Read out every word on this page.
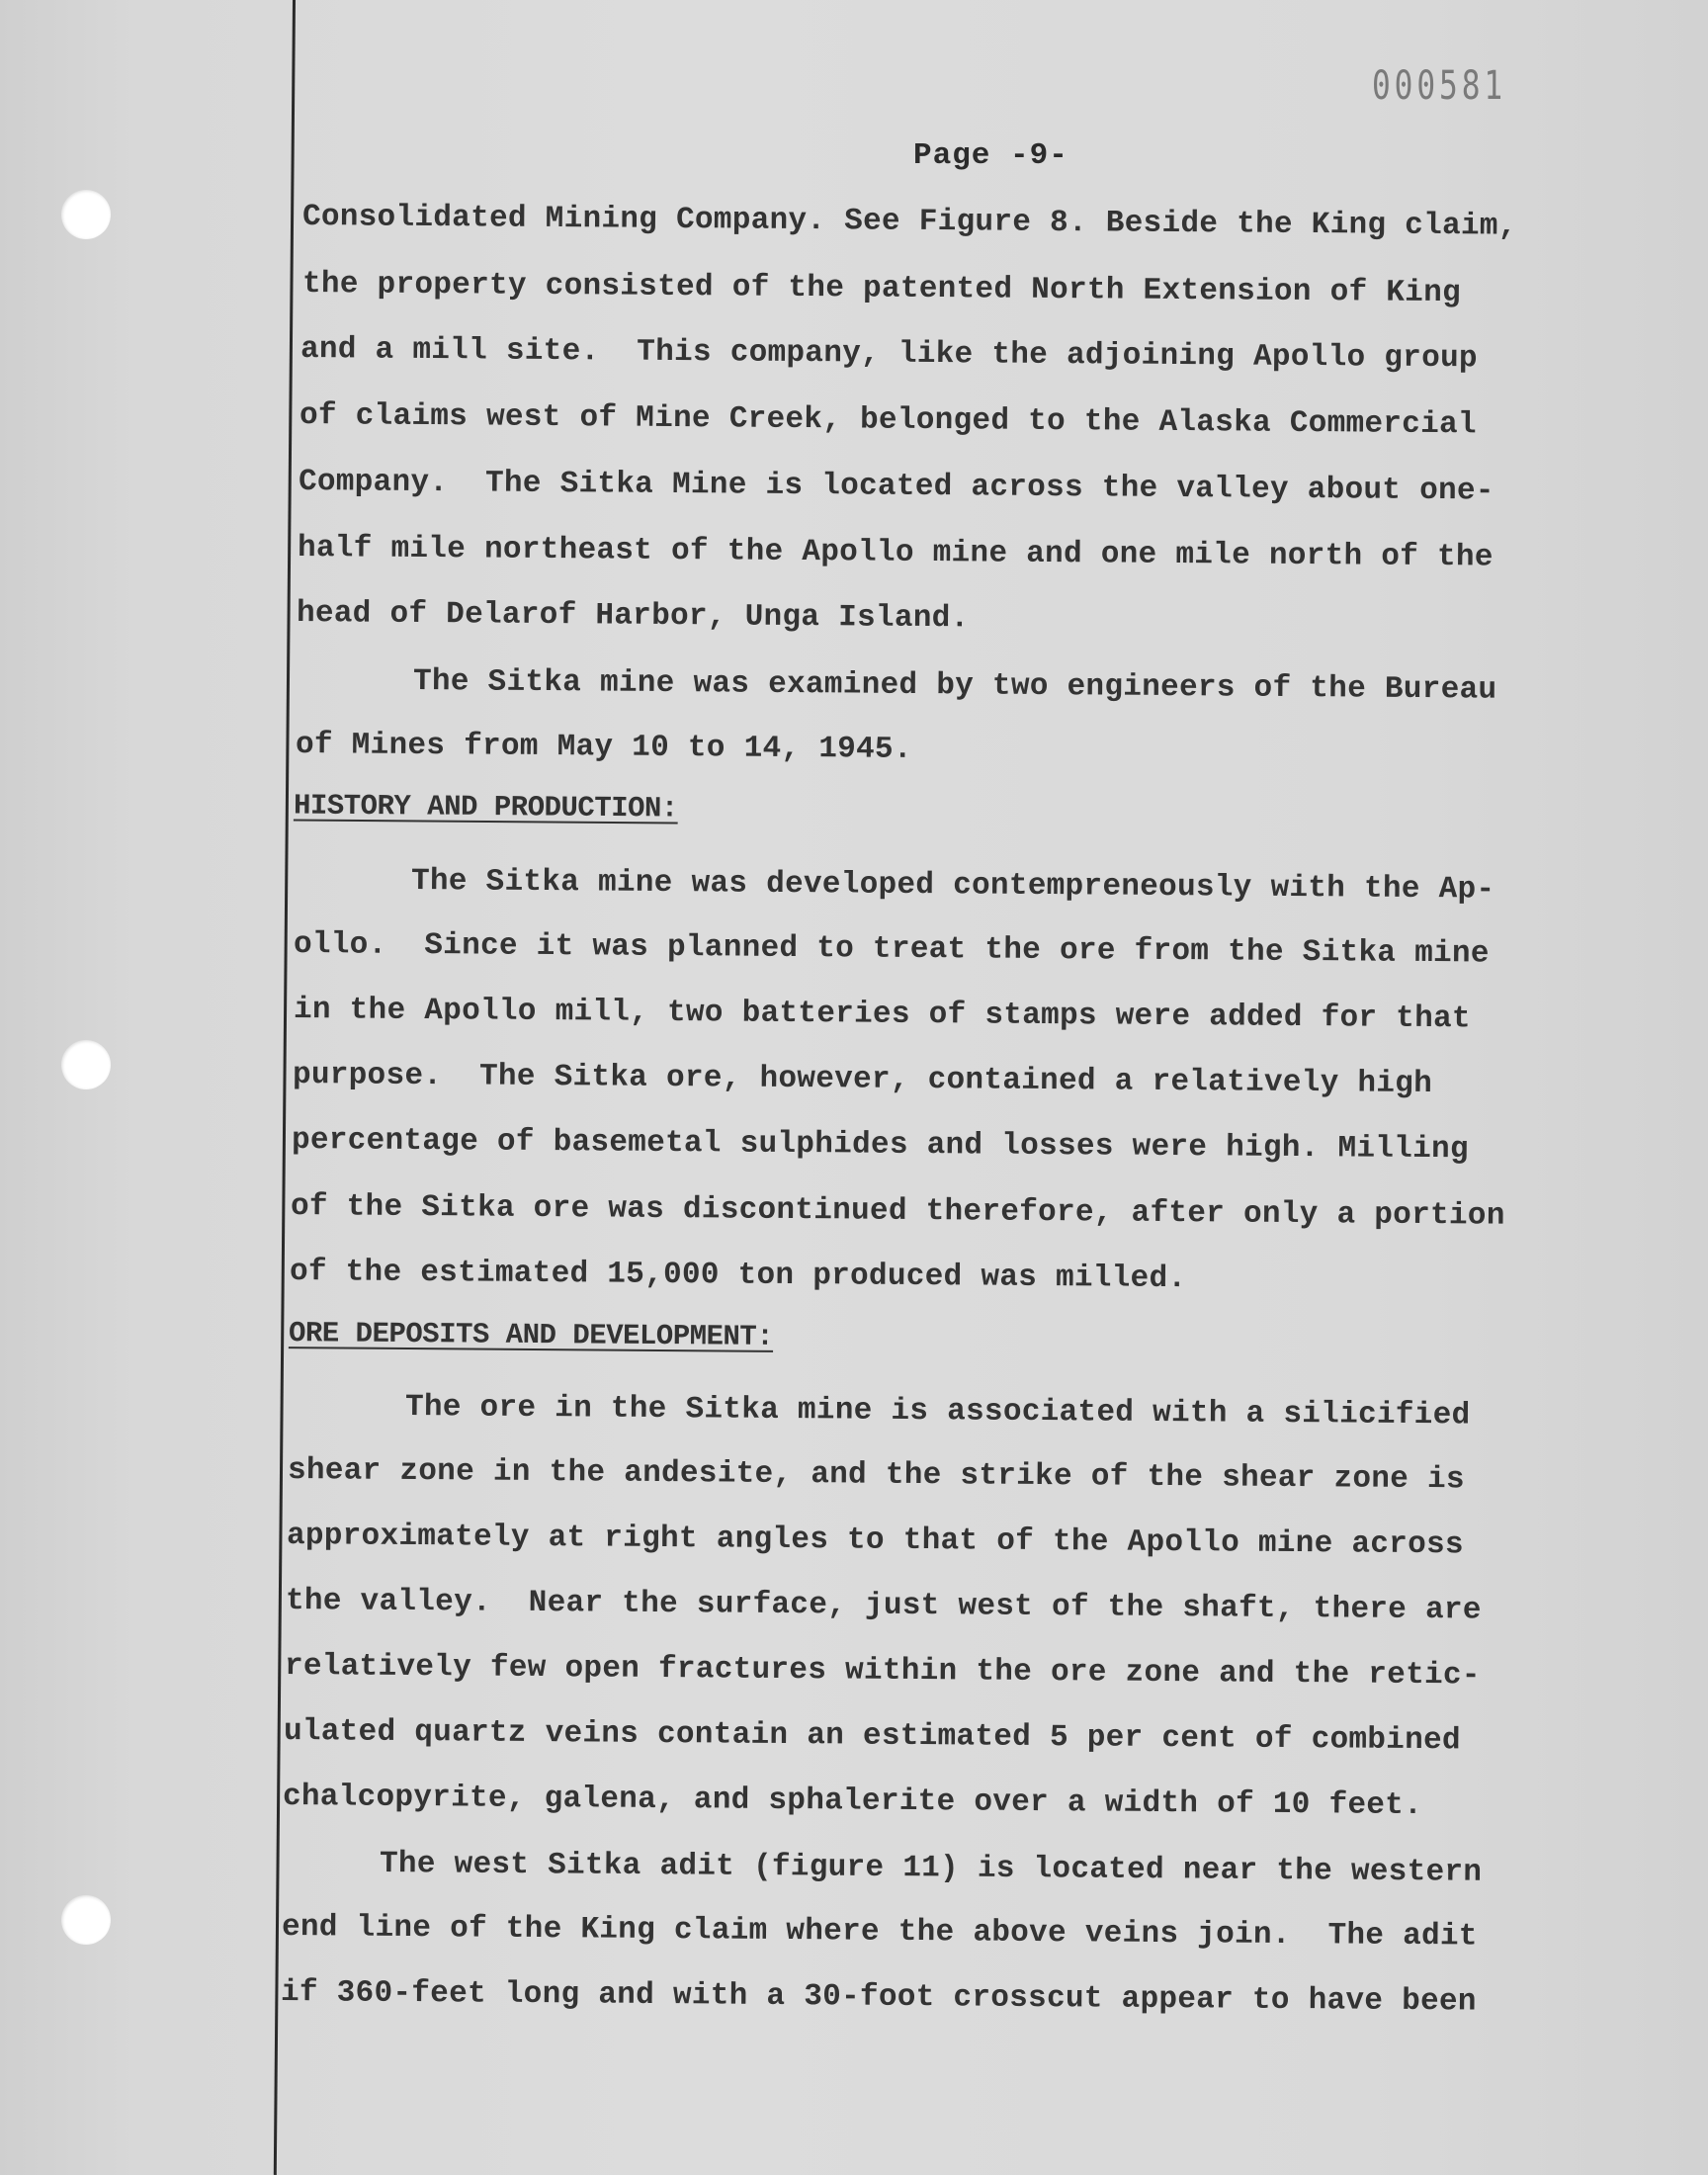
000581
Page -9-
Consolidated Mining Company. See Figure 8. Beside the King claim,
the property consisted of the patented North Extension of King
and a mill site.  This company, like the adjoining Apollo group
of claims west of Mine Creek, belonged to the Alaska Commercial
Company.  The Sitka Mine is located across the valley about one-
half mile northeast of the Apollo mine and one mile north of the
head of Delarof Harbor, Unga Island.
The Sitka mine was examined by two engineers of the Bureau
of Mines from May 10 to 14, 1945.
HISTORY AND PRODUCTION:
The Sitka mine was developed contempreneously with the Ap-
ollo.  Since it was planned to treat the ore from the Sitka mine
in the Apollo mill, two batteries of stamps were added for that
purpose.  The Sitka ore, however, contained a relatively high
percentage of basemetal sulphides and losses were high. Milling
of the Sitka ore was discontinued therefore, after only a portion
of the estimated 15,000 ton produced was milled.
ORE DEPOSITS AND DEVELOPMENT:
The ore in the Sitka mine is associated with a silicified
shear zone in the andesite, and the strike of the shear zone is
approximately at right angles to that of the Apollo mine across
the valley.  Near the surface, just west of the shaft, there are
relatively few open fractures within the ore zone and the retic-
ulated quartz veins contain an estimated 5 per cent of combined
chalcopyrite, galena, and sphalerite over a width of 10 feet.
The west Sitka adit (figure 11) is located near the western
end line of the King claim where the above veins join.  The adit
if 360-feet long and with a 30-foot crosscut appear to have been
